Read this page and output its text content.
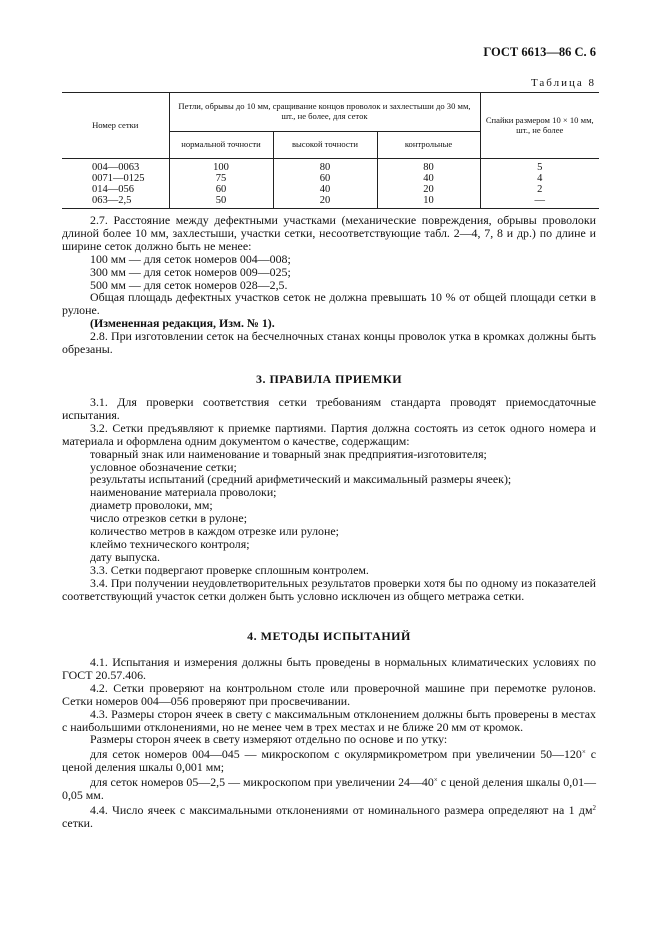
ГОСТ 6613—86 С. 6
Таблица 8
Номер сетки	Петли, обрывы до 10 мм, сращивание концов проволок и захлестыши до 30 мм, шт., не более, для сеток			Спайки размером 10 × 10 мм, шт., не более
	нормальной точности	высокой точности	контрольные	
004—0063	100	80	80	5
0071—0125	75	60	40	4
014—056	60	40	20	2
063—2,5	50	20	10	—

2.7. Расстояние между дефектными участками (механические повреждения, обрывы проволоки длиной более 10 мм, захлестыши, участки сетки, несоответствующие табл. 2—4, 7, 8 и др.) по длине и ширине сеток должно быть не менее:

100 мм — для сеток номеров 004—008;

300 мм — для сеток номеров 009—025;

500 мм — для сеток номеров 028—2,5.

Общая площадь дефектных участков сеток не должна превышать 10 % от общей площади сетки в рулоне.

(Измененная редакция, Изм. № 1).

2.8. При изготовлении сеток на бесчелночных станах концы проволок утка в кромках должны быть обрезаны.

3. ПРАВИЛА ПРИЕМКИ

3.1. Для проверки соответствия сетки требованиям стандарта проводят приемосдаточные испытания.

3.2. Сетки предъявляют к приемке партиями. Партия должна состоять из сеток одного номера и материала и оформлена одним документом о качестве, содержащим:

товарный знак или наименование и товарный знак предприятия-изготовителя;

условное обозначение сетки;

результаты испытаний (средний арифметический и максимальный размеры ячеек);

наименование материала проволоки;

диаметр проволоки, мм;

число отрезков сетки в рулоне;

количество метров в каждом отрезке или рулоне;

клеймо технического контроля;

дату выпуска.

3.3. Сетки подвергают проверке сплошным контролем.

3.4. При получении неудовлетворительных результатов проверки хотя бы по одному из показателей соответствующий участок сетки должен быть условно исключен из общего метража сетки.

4. МЕТОДЫ ИСПЫТАНИЙ

4.1. Испытания и измерения должны быть проведены в нормальных климатических условиях по ГОСТ 20.57.406.

4.2. Сетки проверяют на контрольном столе или проверочной машине при перемотке рулонов. Сетки номеров 004—056 проверяют при просвечивании.

4.3. Размеры сторон ячеек в свету с максимальным отклонением должны быть проверены в местах с наибольшими отклонениями, но не менее чем в трех местах и не ближе 20 мм от кромок.

Размеры сторон ячеек в свету измеряют отдельно по основе и по утку:

для сеток номеров 004—045 — микроскопом с окулярмикрометром при увеличении 50—120× с ценой деления шкалы 0,001 мм;

для сеток номеров 05—2,5 — микроскопом при увеличении 24—40× с ценой деления шкалы 0,01—0,05 мм.

4.4. Число ячеек с максимальными отклонениями от номинального размера определяют на 1 $дм^2$ сетки.
